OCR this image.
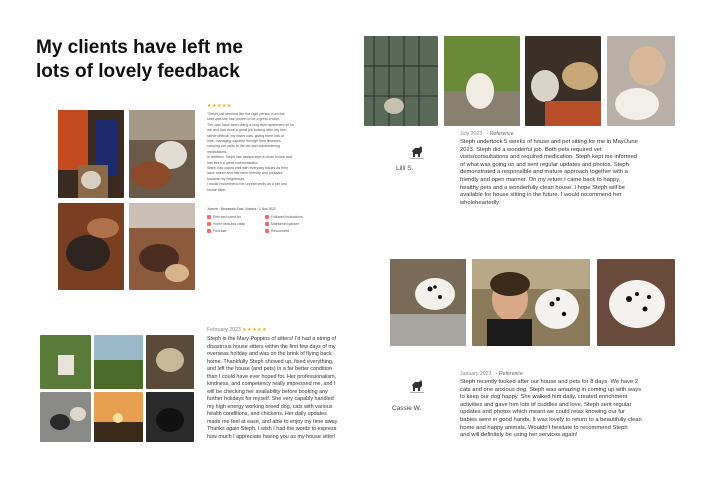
My clients have left me
lots of lovely feedback
★★★★★
"Steph just seemed like the right person from the
start and she has proven to be a great choice.
The cats have been doing a long term apartment sit for
me and has done a great job looking after my two,
rather difficult, my foster cats, giving them lots of
love, managing capably through their illnesses,
carrying out visits to the vet and administering
medications.
In addition, Steph has always kept a clean house and
has been a great communicator.
Steph has coped well with everyday issues as they
have arisen and has been friendly and pleasant
towards my neighbours.
I would recommend her unreservedly as a pet and
house sitter.
Joanne · Brunswick East, Victoria · 1 Nov 2022
Pets well cared for
Home neat and clean
Punctual
Followed instructions
Maintained garden
Resourceful
Lilli S.
July 2023 - Reference
Steph undertook 5 weeks of house and pet sitting for me in May/June
2023. Steph did a wonderful job. Both pets required vet
visits/consultations and required medication. Steph kept me informed
of what was going on and sent regular updates and photos. Steph
demonstrated a responsible and mature approach together with a
friendly and open manner. On my return I came back to happy,
healthy pets and a wonderfully clean house. I hope Steph will be
available for house sitting in the future. I would recommend her
wholeheartedly.
February 2023 ★★★★★
Steph is the Mary Poppins of sitters! I'd had a string of
disastrous house sitters within the first few days of my
overseas holiday and was on the brink of flying back
home. Thankfully Steph showed up, fixed everything,
and left the house (and pets) in a far better condition
than I could have ever hoped for. Her professionalism,
kindness, and competency really impressed me, and I
will be checking her availability before booking any
further holidays for myself. She very capably handled
my high energy working breed dog, cats with various
health conditions, and chickens. Her daily updates
made me feel at ease, and able to enjoy my time away.
Thanks again Steph, I wish I had the words to express
how much I appreciate having you as my house sitter!
Cassie W.
January 2023 - Reference
Steph recently looked after our house and pets for 8 days. We have 2
cats and one anxious dog. Steph was amazing in coming up with ways
to keep our dog happy. She walked him daily, created enrichment
activities and gave him lots of cuddles and love. Steph sent regular
updates and photos which meant we could relax knowing our fur
babies were in good hands. It was lovely to return to a beautifully clean
home and happy animals. Wouldn't hesitate to recommend Steph
and will definitely be using her services again!
